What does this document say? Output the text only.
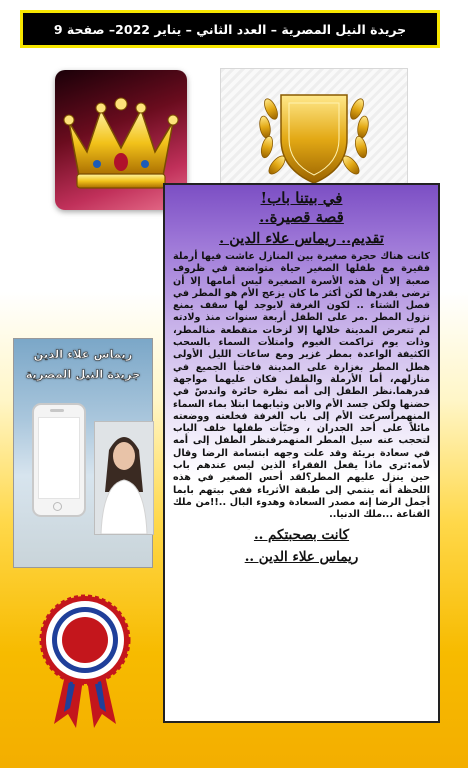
جريدة النيل المصرية – العدد الثاني – يناير 2022– صفحة 9

في بيتنا باب!

قصة قصيرة..

تقديم.. ريماس علاء الدين .

كانت هناك حجرة صغيرة بين المنازل عاشت فيها أرملة فقيرة مع طفلها الصغير حياة متواضعة في ظروف صعبة إلا أن هذه الأسرة الصغيرة ليس أمامها إلا أن ترضى بقدرها لكن أكثر ما كان يزعج الأم هو المطر في فصل الشتاء .. لكون الغرفة لايوجد لها سقف يمنع نزول المطر .مر على الطفل أربعة سنوات منذ ولادته لم تتعرض المدينة خلالها إلا لزخات متقطعة منالمطر، وذات يوم تراكمت الغيوم وامتلأت السماء بالسحب الكثيفة الواعدة بمطر غزير ومع ساعات الليل الأولى هطل المطر بغزارة على المدينة فاختبأ الجميع في منازلهم، أما الأرملة والطفل فكان عليهما مواجهة قدرهما.نظر الطفل إلى أمه نظرة حائرة واندسّ في حضنها ولكن جسد الأم والابن وثيابهما ابتلا بماء السماء المنهمرأسرعت الأم إلى باب الغرفة فخلعته ووضعته مائلاً على أحد الجدران ، وخبّأت طفلها خلف الباب لتحجب عنه سيل المطر المنهمرفنظر الطفل إلى أمه في سعادة بريئة وقد علت وجهه ابتسامة الرضا وقال لأمه:ترى ماذا يفعل الفقراء الذين ليس عندهم باب حين ينزل عليهم المطر؟لقد أحس الصغير في هذه اللحظة أنه ينتمي إلى طبقة الأثرياء ففي بيتهم بابما أجمل الرضا إنه مصدر السعادة وهدوء البال ..!!من ملك القناعة ...ملك الدنيا..

كانت بصحبتكم ..

ريماس علاء الدين ..

ريماس علاء الدين
جريدة النيل المصرية
